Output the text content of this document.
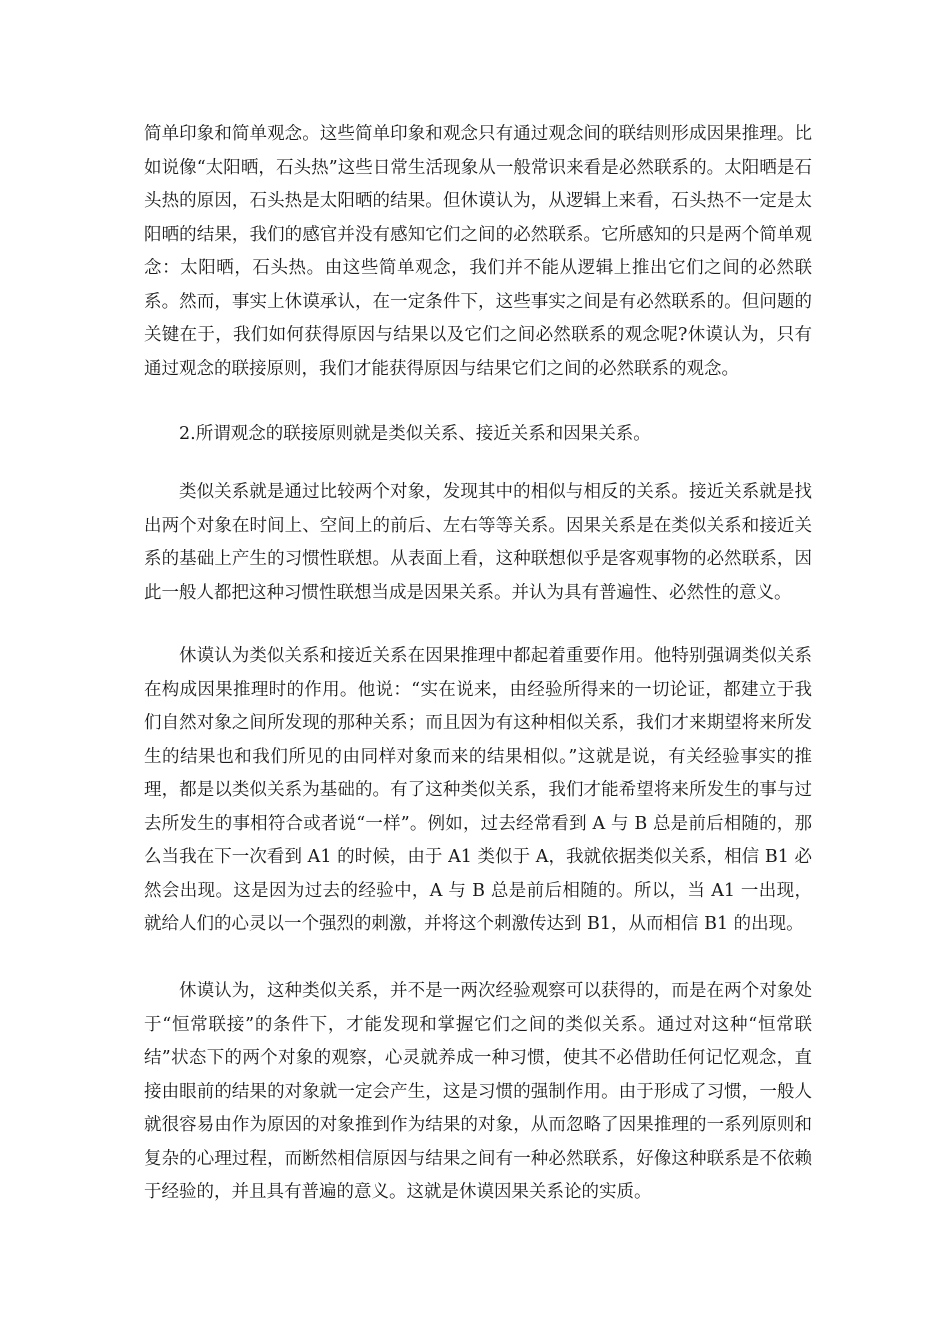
简单印象和简单观念。这些简单印象和观念只有通过观念间的联结则形成因果推理。比如说像“太阳晒，石头热”这些日常生活现象从一般常识来看是必然联系的。太阳晒是石头热的原因，石头热是太阳晒的结果。但休谟认为，从逻辑上来看，石头热不一定是太阳晒的结果，我们的感官并没有感知它们之间的必然联系。它所感知的只是两个简单观念：太阳晒，石头热。由这些简单观念，我们并不能从逻辑上推出它们之间的必然联系。然而，事实上休谟承认，在一定条件下，这些事实之间是有必然联系的。但问题的关键在于，我们如何获得原因与结果以及它们之间必然联系的观念呢?休谟认为，只有通过观念的联接原则，我们才能获得原因与结果它们之间的必然联系的观念。

2.所谓观念的联接原则就是类似关系、接近关系和因果关系。

类似关系就是通过比较两个对象，发现其中的相似与相反的关系。接近关系就是找出两个对象在时间上、空间上的前后、左右等等关系。因果关系是在类似关系和接近关系的基础上产生的习惯性联想。从表面上看，这种联想似乎是客观事物的必然联系，因此一般人都把这种习惯性联想当成是因果关系。并认为具有普遍性、必然性的意义。

休谟认为类似关系和接近关系在因果推理中都起着重要作用。他特别强调类似关系在构成因果推理时的作用。他说：“实在说来，由经验所得来的一切论证，都建立于我们自然对象之间所发现的那种关系；而且因为有这种相似关系，我们才来期望将来所发生的结果也和我们所见的由同样对象而来的结果相似。”这就是说，有关经验事实的推理，都是以类似关系为基础的。有了这种类似关系，我们才能希望将来所发生的事与过去所发生的事相符合或者说“一样”。例如，过去经常看到 A 与 B 总是前后相随的，那么当我在下一次看到 A1 的时候，由于 A1 类似于 A，我就依据类似关系，相信 B1 必然会出现。这是因为过去的经验中，A 与 B 总是前后相随的。所以，当 A1 一出现，就给人们的心灵以一个强烈的刺激，并将这个刺激传达到 B1，从而相信 B1 的出现。

休谟认为，这种类似关系，并不是一两次经验观察可以获得的，而是在两个对象处于“恒常联接”的条件下，才能发现和掌握它们之间的类似关系。通过对这种“恒常联结”状态下的两个对象的观察，心灵就养成一种习惯，使其不必借助任何记忆观念，直接由眼前的结果的对象就一定会产生，这是习惯的强制作用。由于形成了习惯，一般人就很容易由作为原因的对象推到作为结果的对象，从而忽略了因果推理的一系列原则和复杂的心理过程，而断然相信原因与结果之间有一种必然联系，好像这种联系是不依赖于经验的，并且具有普遍的意义。这就是休谟因果关系论的实质。
